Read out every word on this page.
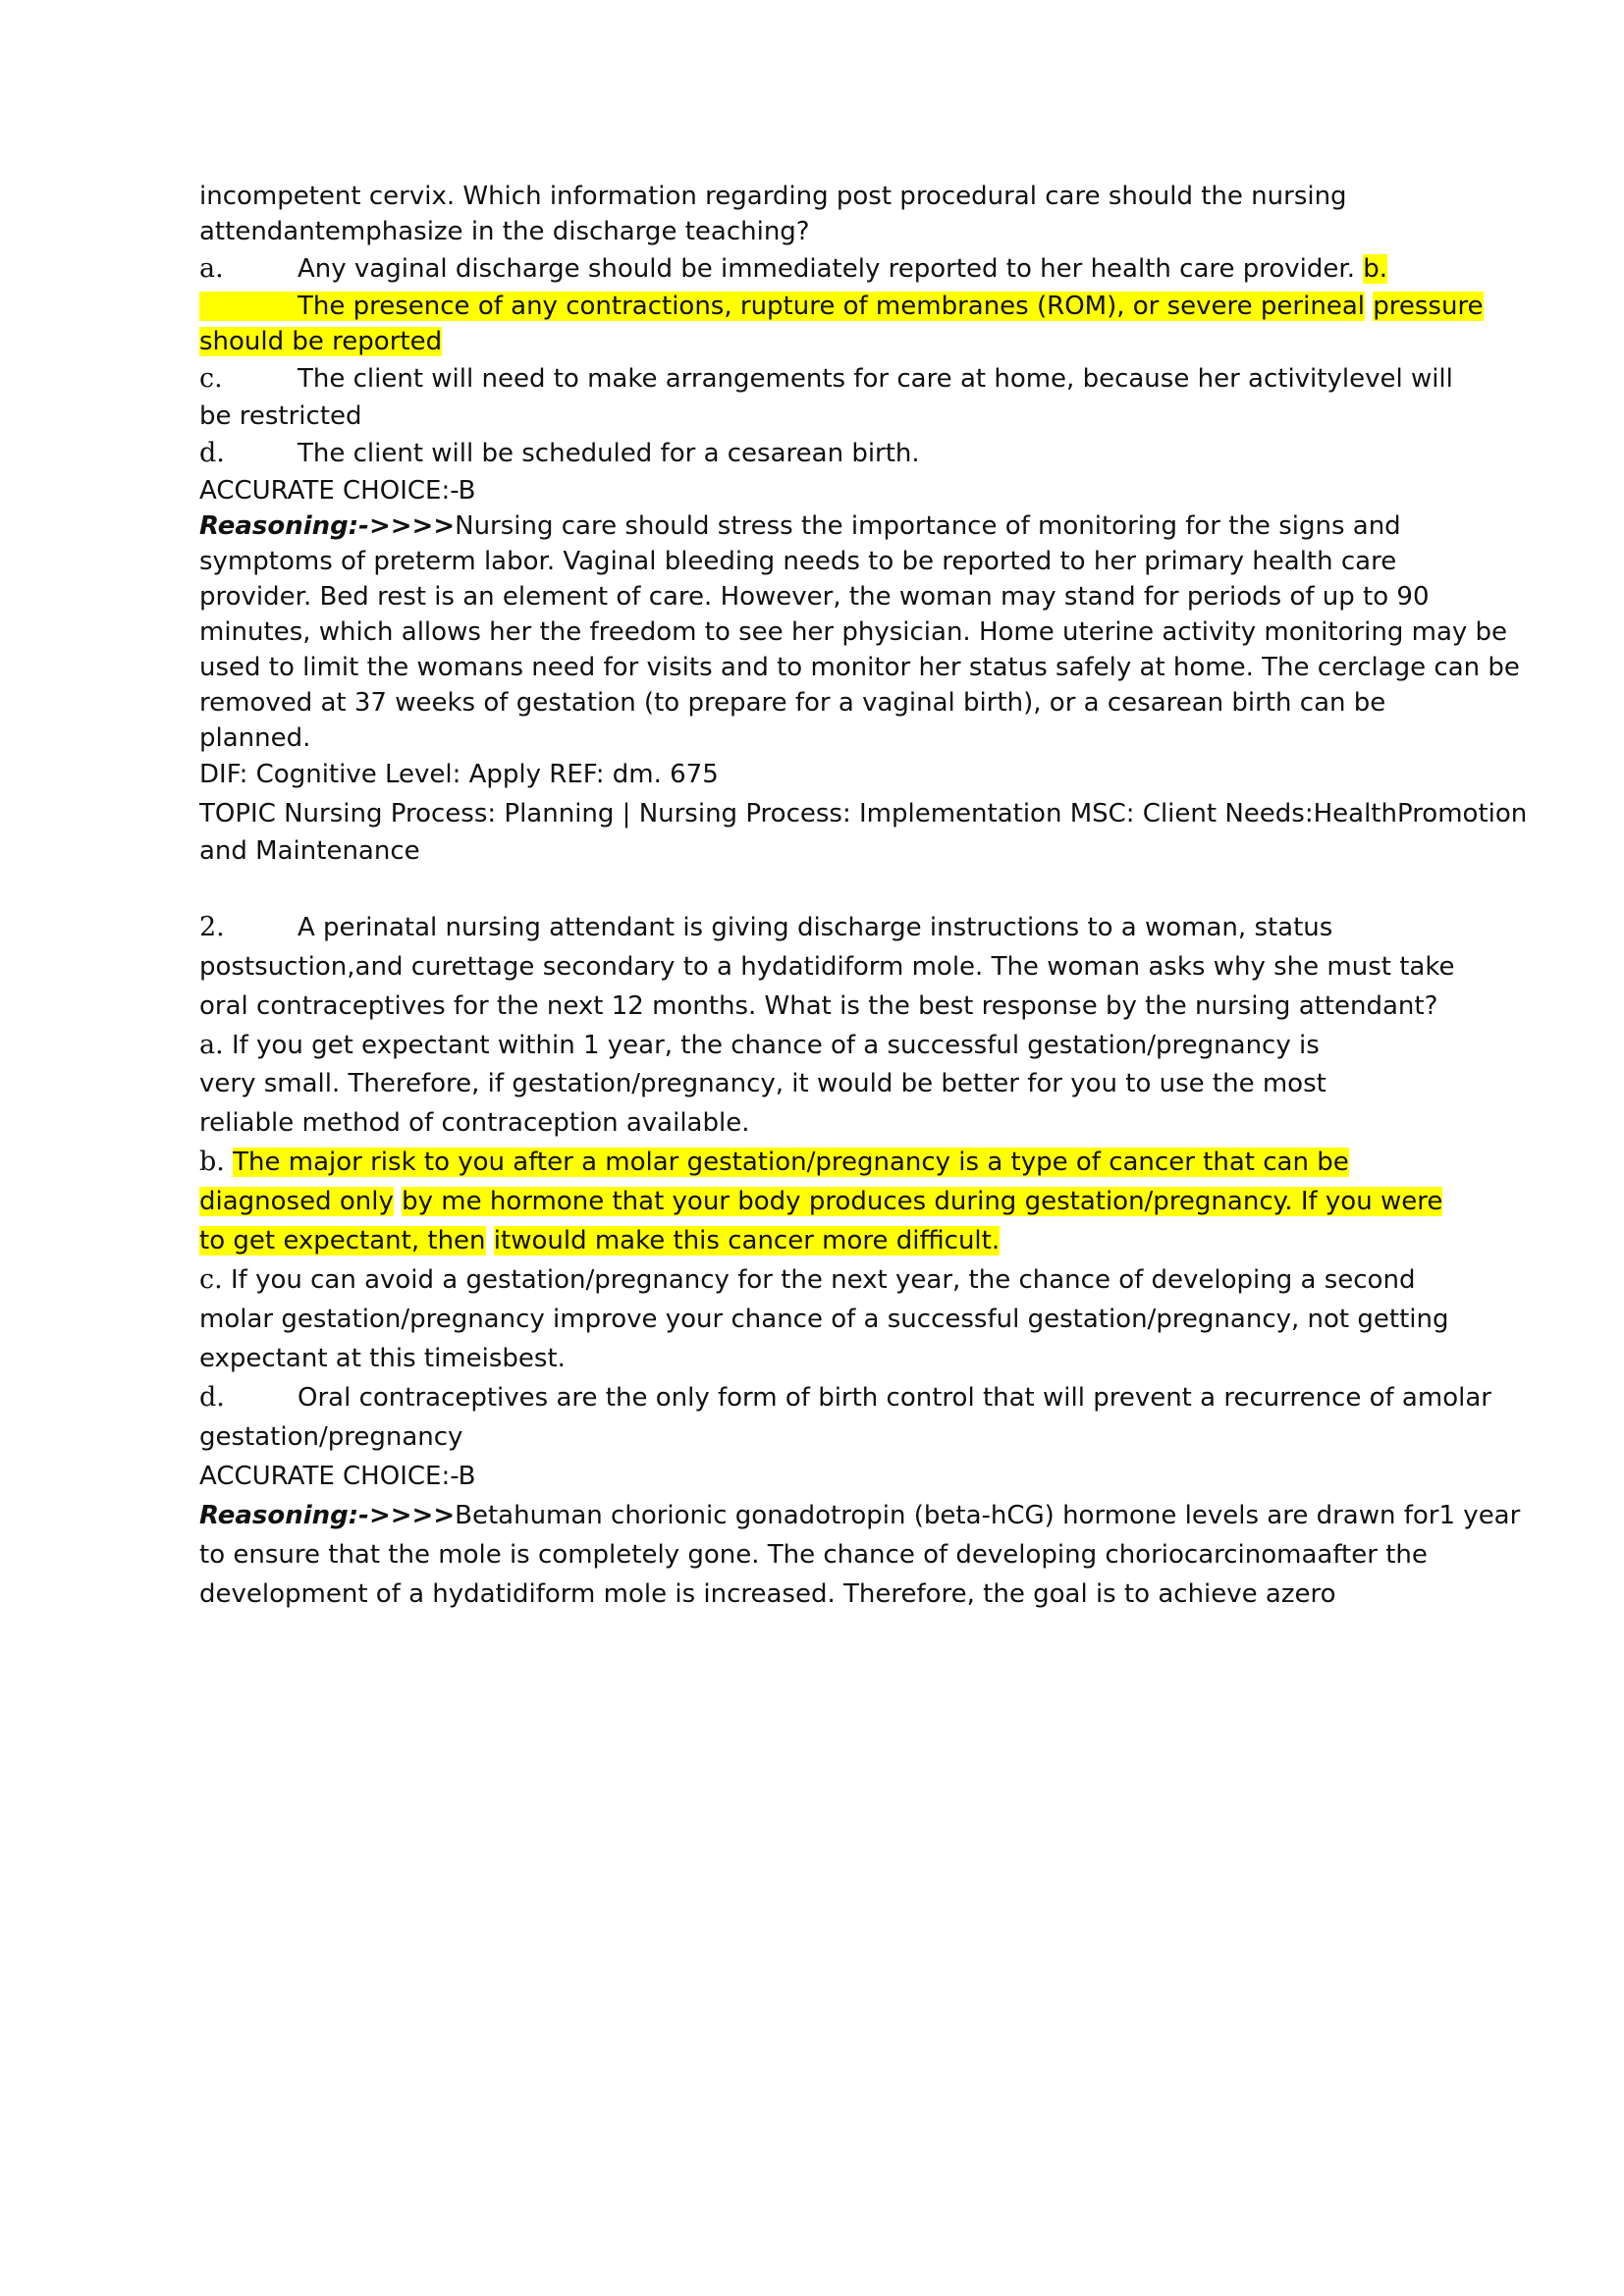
incompetent cervix. Which information regarding post procedural care should the nursing
attendantemphasize in the discharge teaching?
a.	Any vaginal discharge should be immediately reported to her health care provider. b.
The presence of any contractions, rupture of membranes (ROM), or severe perineal pressure
should be reported
c.	The client will need to make arrangements for care at home, because her activitylevel will
be restricted
d.	The client will be scheduled for a cesarean birth.
ACCURATE CHOICE:-B
Reasoning:->>>>Nursing care should stress the importance of monitoring for the signs and
symptoms of preterm labor. Vaginal bleeding needs to be reported to her primary health care
provider. Bed rest is an element of care. However, the woman may stand for periods of up to 90
minutes, which allows her the freedom to see her physician. Home uterine activity monitoring may be
used to limit the womans need for visits and to monitor her status safely at home. The cerclage can be
removed at 37 weeks of gestation (to prepare for a vaginal birth), or a cesarean birth can be
planned.
DIF: Cognitive Level: Apply REF: dm. 675
TOPIC Nursing Process: Planning | Nursing Process: Implementation MSC: Client Needs:HealthPromotion
and Maintenance
2.	A perinatal nursing attendant is giving discharge instructions to a woman, status
postsuction,and curettage secondary to a hydatidiform mole. The woman asks why she must take
oral contraceptives for the next 12 months. What is the best response by the nursing attendant?
a. If you get expectant within 1 year, the chance of a successful gestation/pregnancy is
very small. Therefore, if gestation/pregnancy, it would be better for you to use the most
reliable method of contraception available.
b. The major risk to you after a molar gestation/pregnancy is a type of cancer that can be
diagnosed only by me hormone that your body produces during gestation/pregnancy. If you were
to get expectant, then itwould make this cancer more difficult.
c. If you can avoid a gestation/pregnancy for the next year, the chance of developing a second
molar gestation/pregnancy improve your chance of a successful gestation/pregnancy, not getting
expectant at this timeisbest.
d.	Oral contraceptives are the only form of birth control that will prevent a recurrence of amolar
gestation/pregnancy
ACCURATE CHOICE:-B
Reasoning:->>>>Betahuman chorionic gonadotropin (beta-hCG) hormone levels are drawn for1 year
to ensure that the mole is completely gone. The chance of developing choriocarcinomaafter the
development of a hydatidiform mole is increased. Therefore, the goal is to achieve azero
